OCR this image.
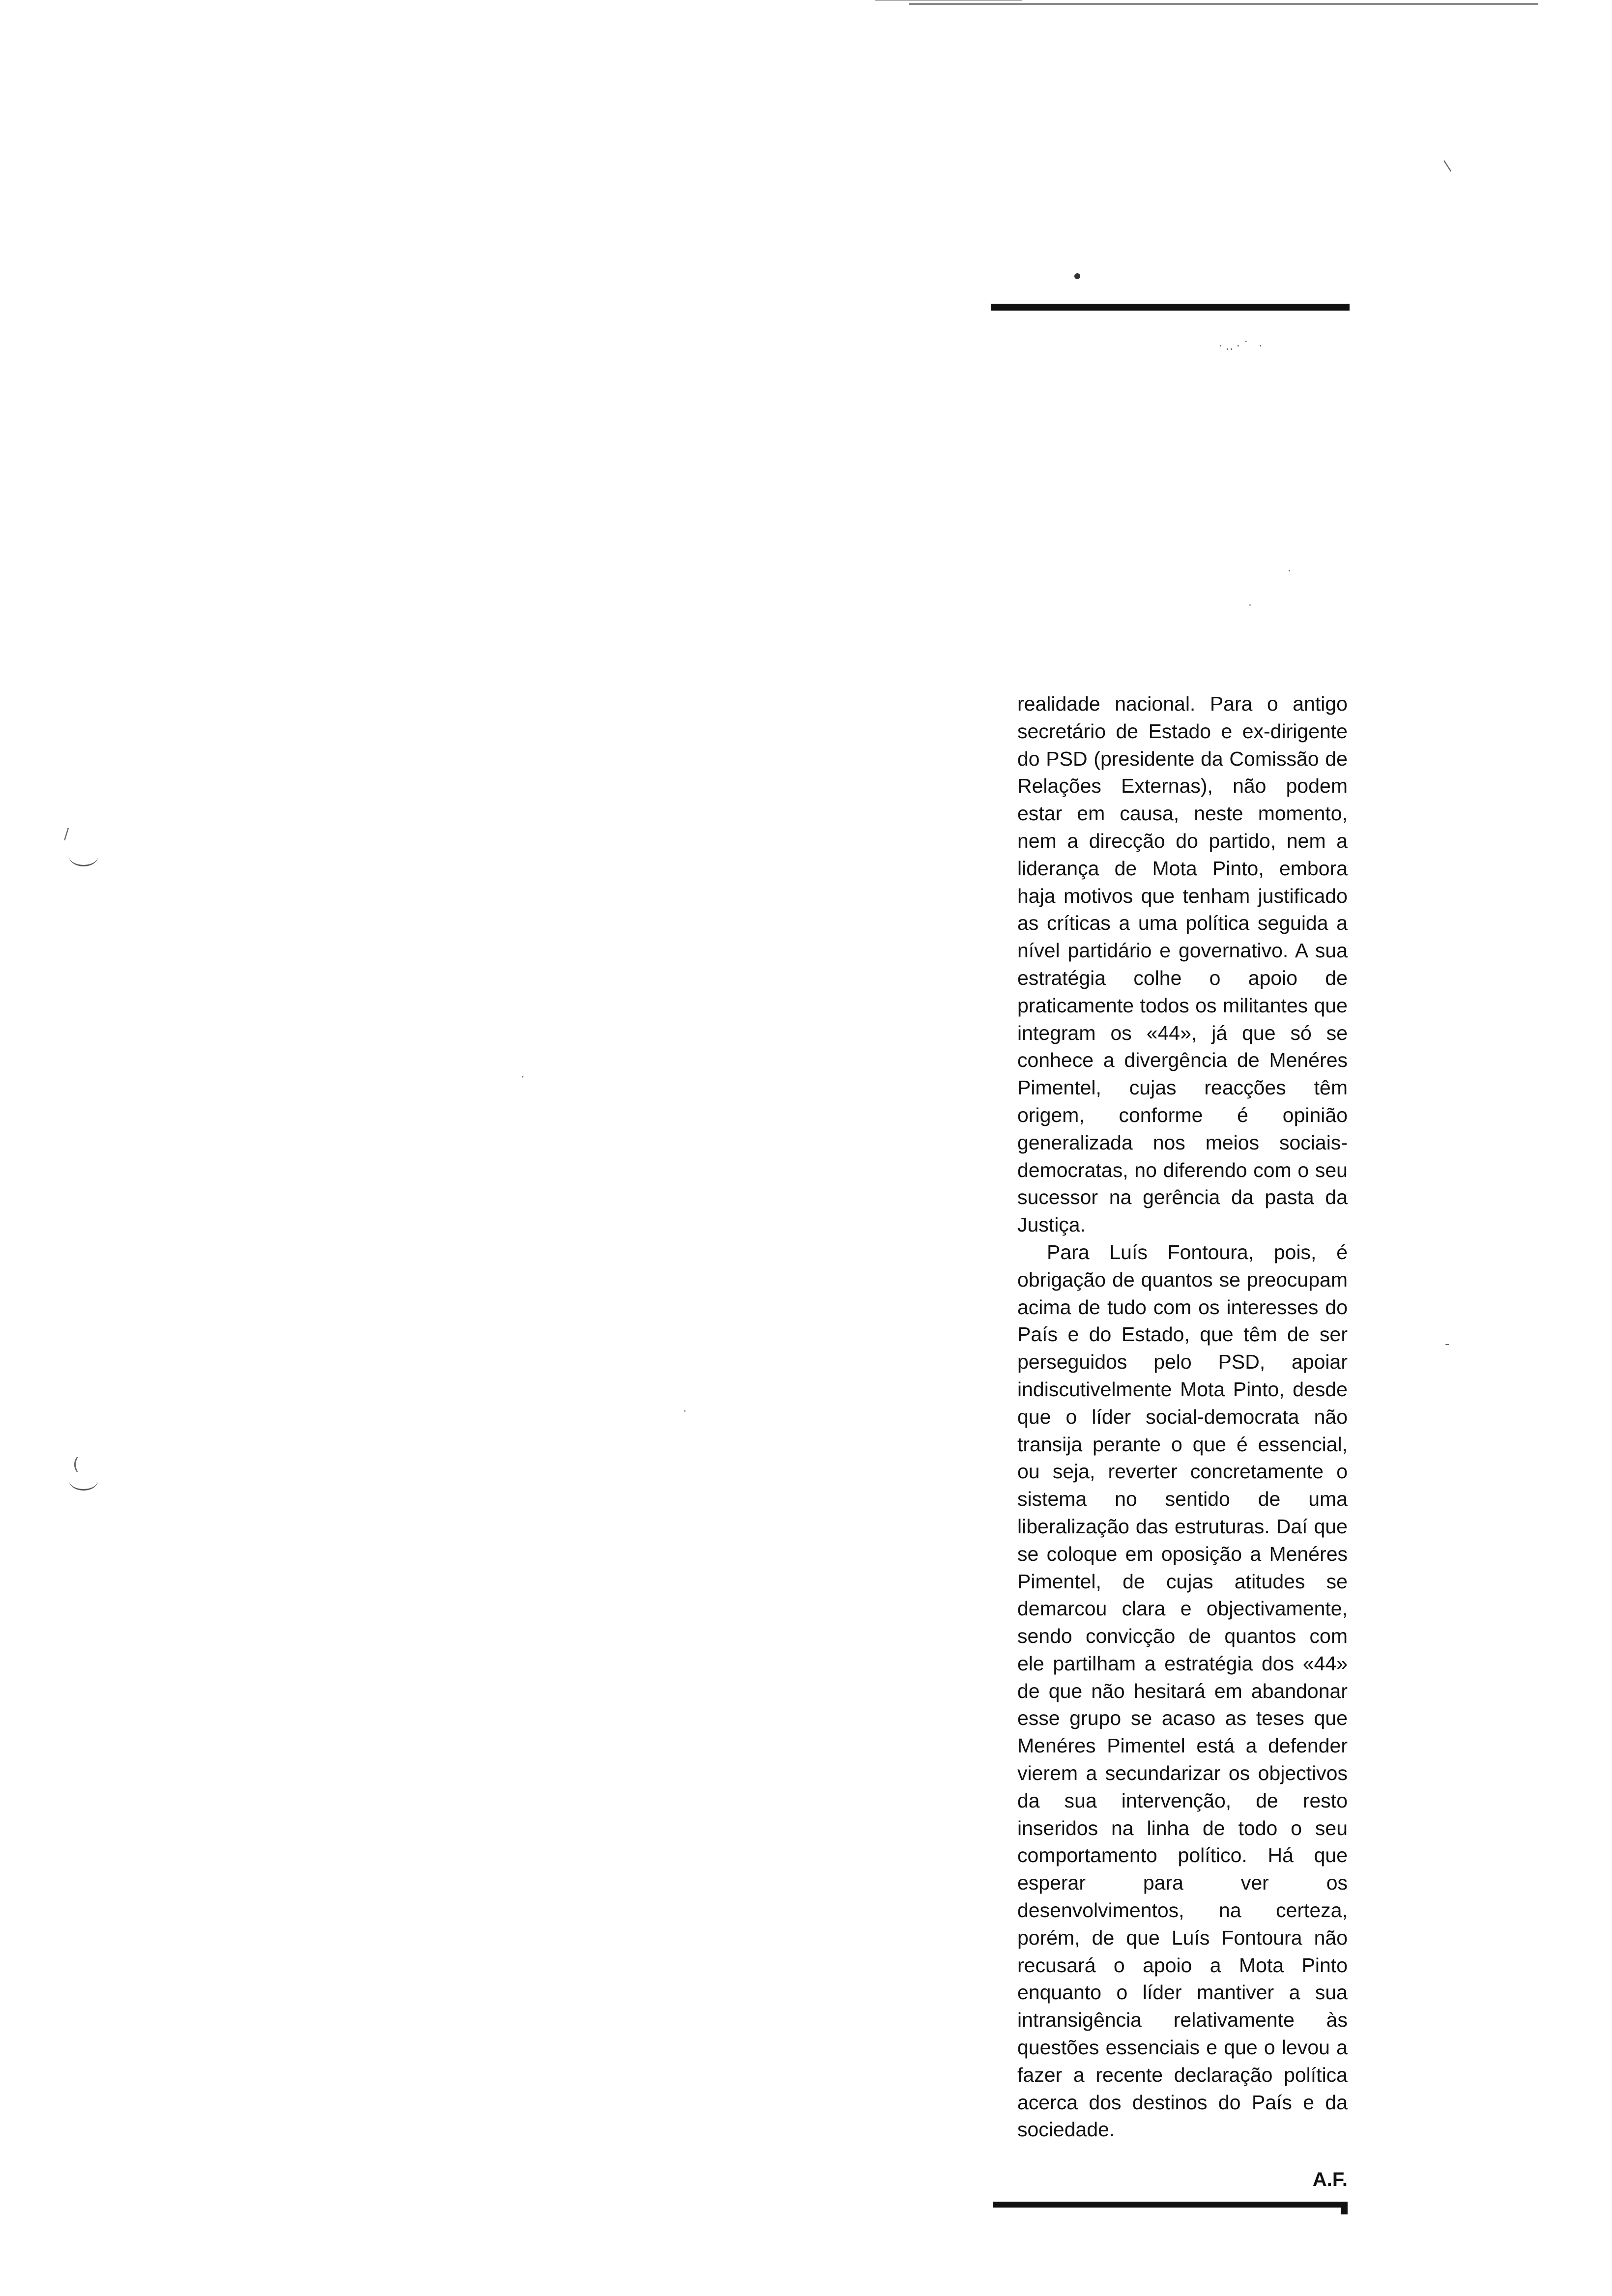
/
·‥·˙ ·
·
·
-
·
·
/
(

realidade nacional. Para o antigo secretário de Estado e ex-dirigente do PSD (presidente da Comissão de Relações Externas), não podem estar em causa, neste momento, nem a direcção do partido, nem a liderança de Mota Pinto, embora haja motivos que tenham justificado as críticas a uma política seguida a nível partidário e governativo. A sua estratégia colhe o apoio de praticamente todos os militantes que integram os «44», já que só se conhece a divergência de Menéres Pimentel, cujas reacções têm origem, conforme é opinião generalizada nos meios sociais-democratas, no diferendo com o seu sucessor na gerência da pasta da Justiça.

Para Luís Fontoura, pois, é obrigação de quantos se preocupam acima de tudo com os interesses do País e do Estado, que têm de ser perseguidos pelo PSD, apoiar indiscutivelmente Mota Pinto, desde que o líder social-democrata não transija perante o que é essencial, ou seja, reverter concretamente o sistema no sentido de uma liberalização das estruturas. Daí que se coloque em oposição a Menéres Pimentel, de cujas atitudes se demarcou clara e objectivamente, sendo convicção de quantos com ele partilham a estratégia dos «44» de que não hesitará em abandonar esse grupo se acaso as teses que Menéres Pimentel está a defender vierem a secundarizar os objectivos da sua intervenção, de resto inseridos na linha de todo o seu comportamento político. Há que esperar para ver os desenvolvimentos, na certeza, porém, de que Luís Fontoura não recusará o apoio a Mota Pinto enquanto o líder mantiver a sua intransigência relativamente às questões essenciais e que o levou a fazer a recente declaração política acerca dos destinos do País e da sociedade.

A.F.
